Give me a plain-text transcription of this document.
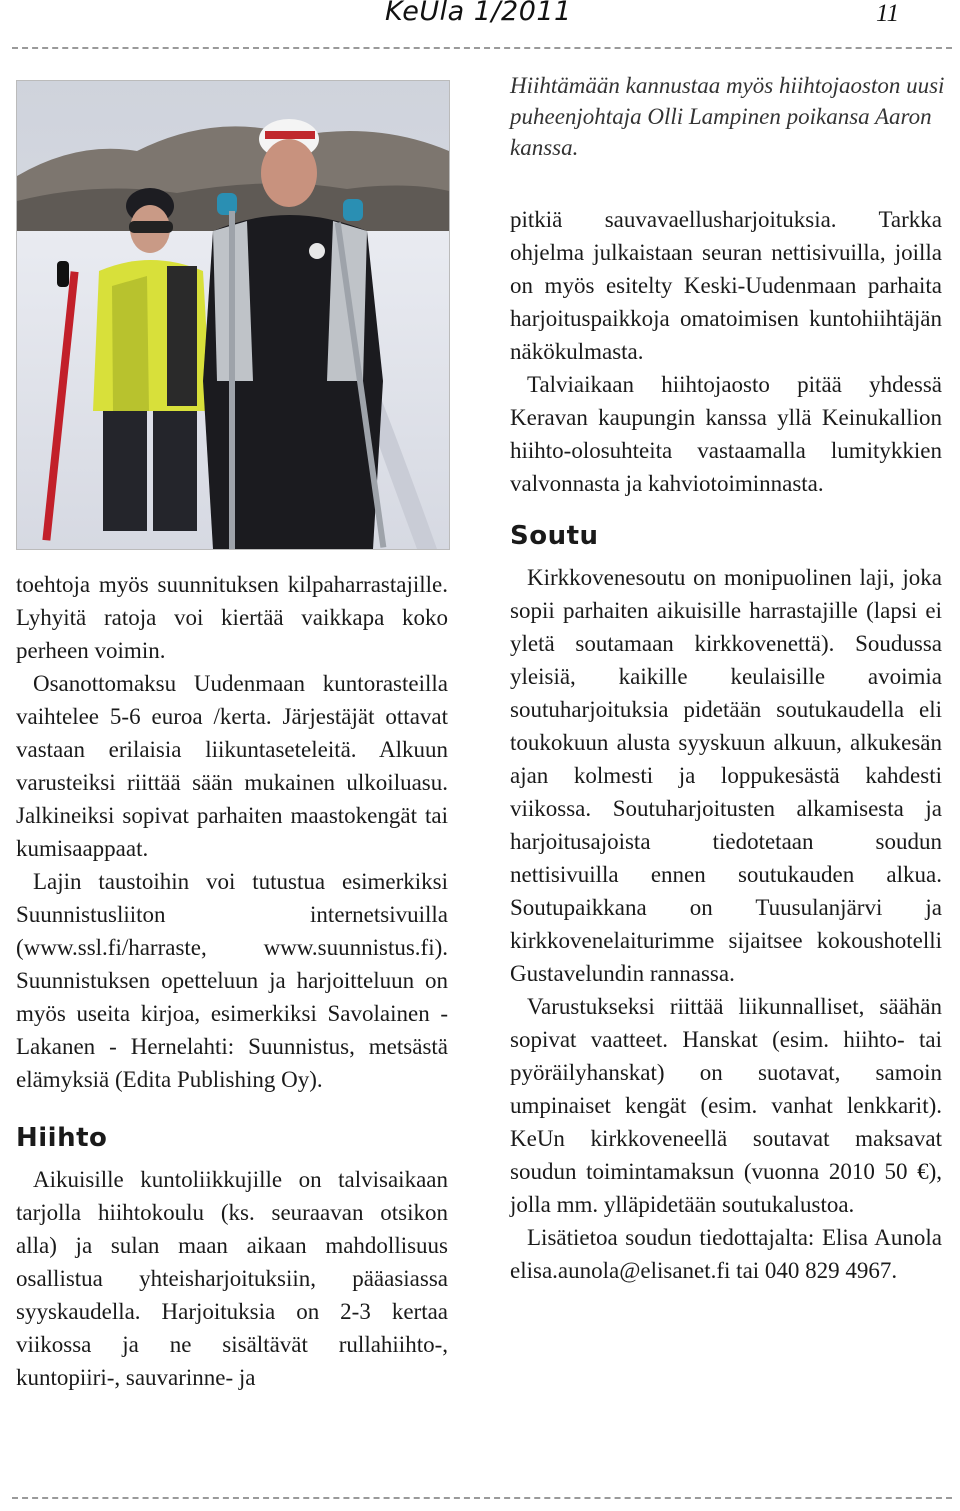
KeUla 1/2011	11
Hiihtämään kannustaa myös hiihtojaoston uusi puheenjohtaja Olli Lampinen poikansa Aaron kanssa.

toehtoja myös suunnituksen kilpaharrastajille. Lyhyitä ratoja voi kiertää vaikkapa koko perheen voimin.

Osanottomaksu Uudenmaan kuntorasteilla vaihtelee 5-6 euroa /kerta. Järjestäjät ottavat vastaan erilaisia liikuntaseteleitä. Alkuun varusteiksi riittää sään mukainen ulkoiluasu. Jalkineiksi sopivat parhaiten maastokengät tai kumisaappaat.

Lajin taustoihin voi tutustua esimerkiksi Suunnistusliiton internetsivuilla (www.ssl.fi/harraste, www.suunnistus.fi). Suunnistuksen opetteluun ja harjoitteluun on myös useita kirjoa, esimerkiksi Savolainen - Lakanen - Hernelahti: Suunnistus, metsästä elämyksiä (Edita Publishing Oy).

Hiihto

Aikuisille kuntoliikkujille on talvisaikaan tarjolla hiihtokoulu (ks. seuraavan otsikon alla) ja sulan maan aikaan mahdollisuus osallistua yhteisharjoituksiin, pääasiassa syyskaudella. Harjoituksia on 2-3 kertaa viikossa ja ne sisältävät rullahiihto-, kuntopiiri-, sauvarinne- ja

pitkiä sauvavaellusharjoituksia. Tarkka ohjelma julkaistaan seuran nettisivuilla, joilla on myös esitelty Keski-Uudenmaan parhaita harjoituspaikkoja omatoimisen kuntohiihtäjän näkökulmasta.

Talviaikaan hiihtojaosto pitää yhdessä Keravan kaupungin kanssa yllä Keinukallion hiihto-olosuhteita vastaamalla lumitykkien valvonnasta ja kahviotoiminnasta.

Soutu

Kirkkovenesoutu on monipuolinen laji, joka sopii parhaiten aikuisille harrastajille (lapsi ei yletä soutamaan kirkkovenettä). Soudussa yleisiä, kaikille keulaisille avoimia soutuharjoituksia pidetään soutukaudella eli toukokuun alusta syyskuun alkuun, alkukesän ajan kolmesti ja loppukesästä kahdesti viikossa. Soutuharjoitusten alkamisesta ja harjoitusajoista tiedotetaan soudun nettisivuilla ennen soutukauden alkua. Soutupaikkana on Tuusulanjärvi ja kirkkovenelaiturimme sijaitsee kokoushotelli Gustavelundin rannassa.

Varustukseksi riittää liikunnalliset, säähän sopivat vaatteet. Hanskat (esim. hiihto- tai pyöräilyhanskat) on suotavat, samoin umpinaiset kengät (esim. vanhat lenkkarit). KeUn kirkkoveneellä soutavat maksavat soudun toimintamaksun (vuonna 2010 50 €), jolla mm. ylläpidetään soutukalustoa.

Lisätietoa soudun tiedottajalta: Elisa Aunola elisa.aunola@elisanet.fi tai 040 829 4967.
